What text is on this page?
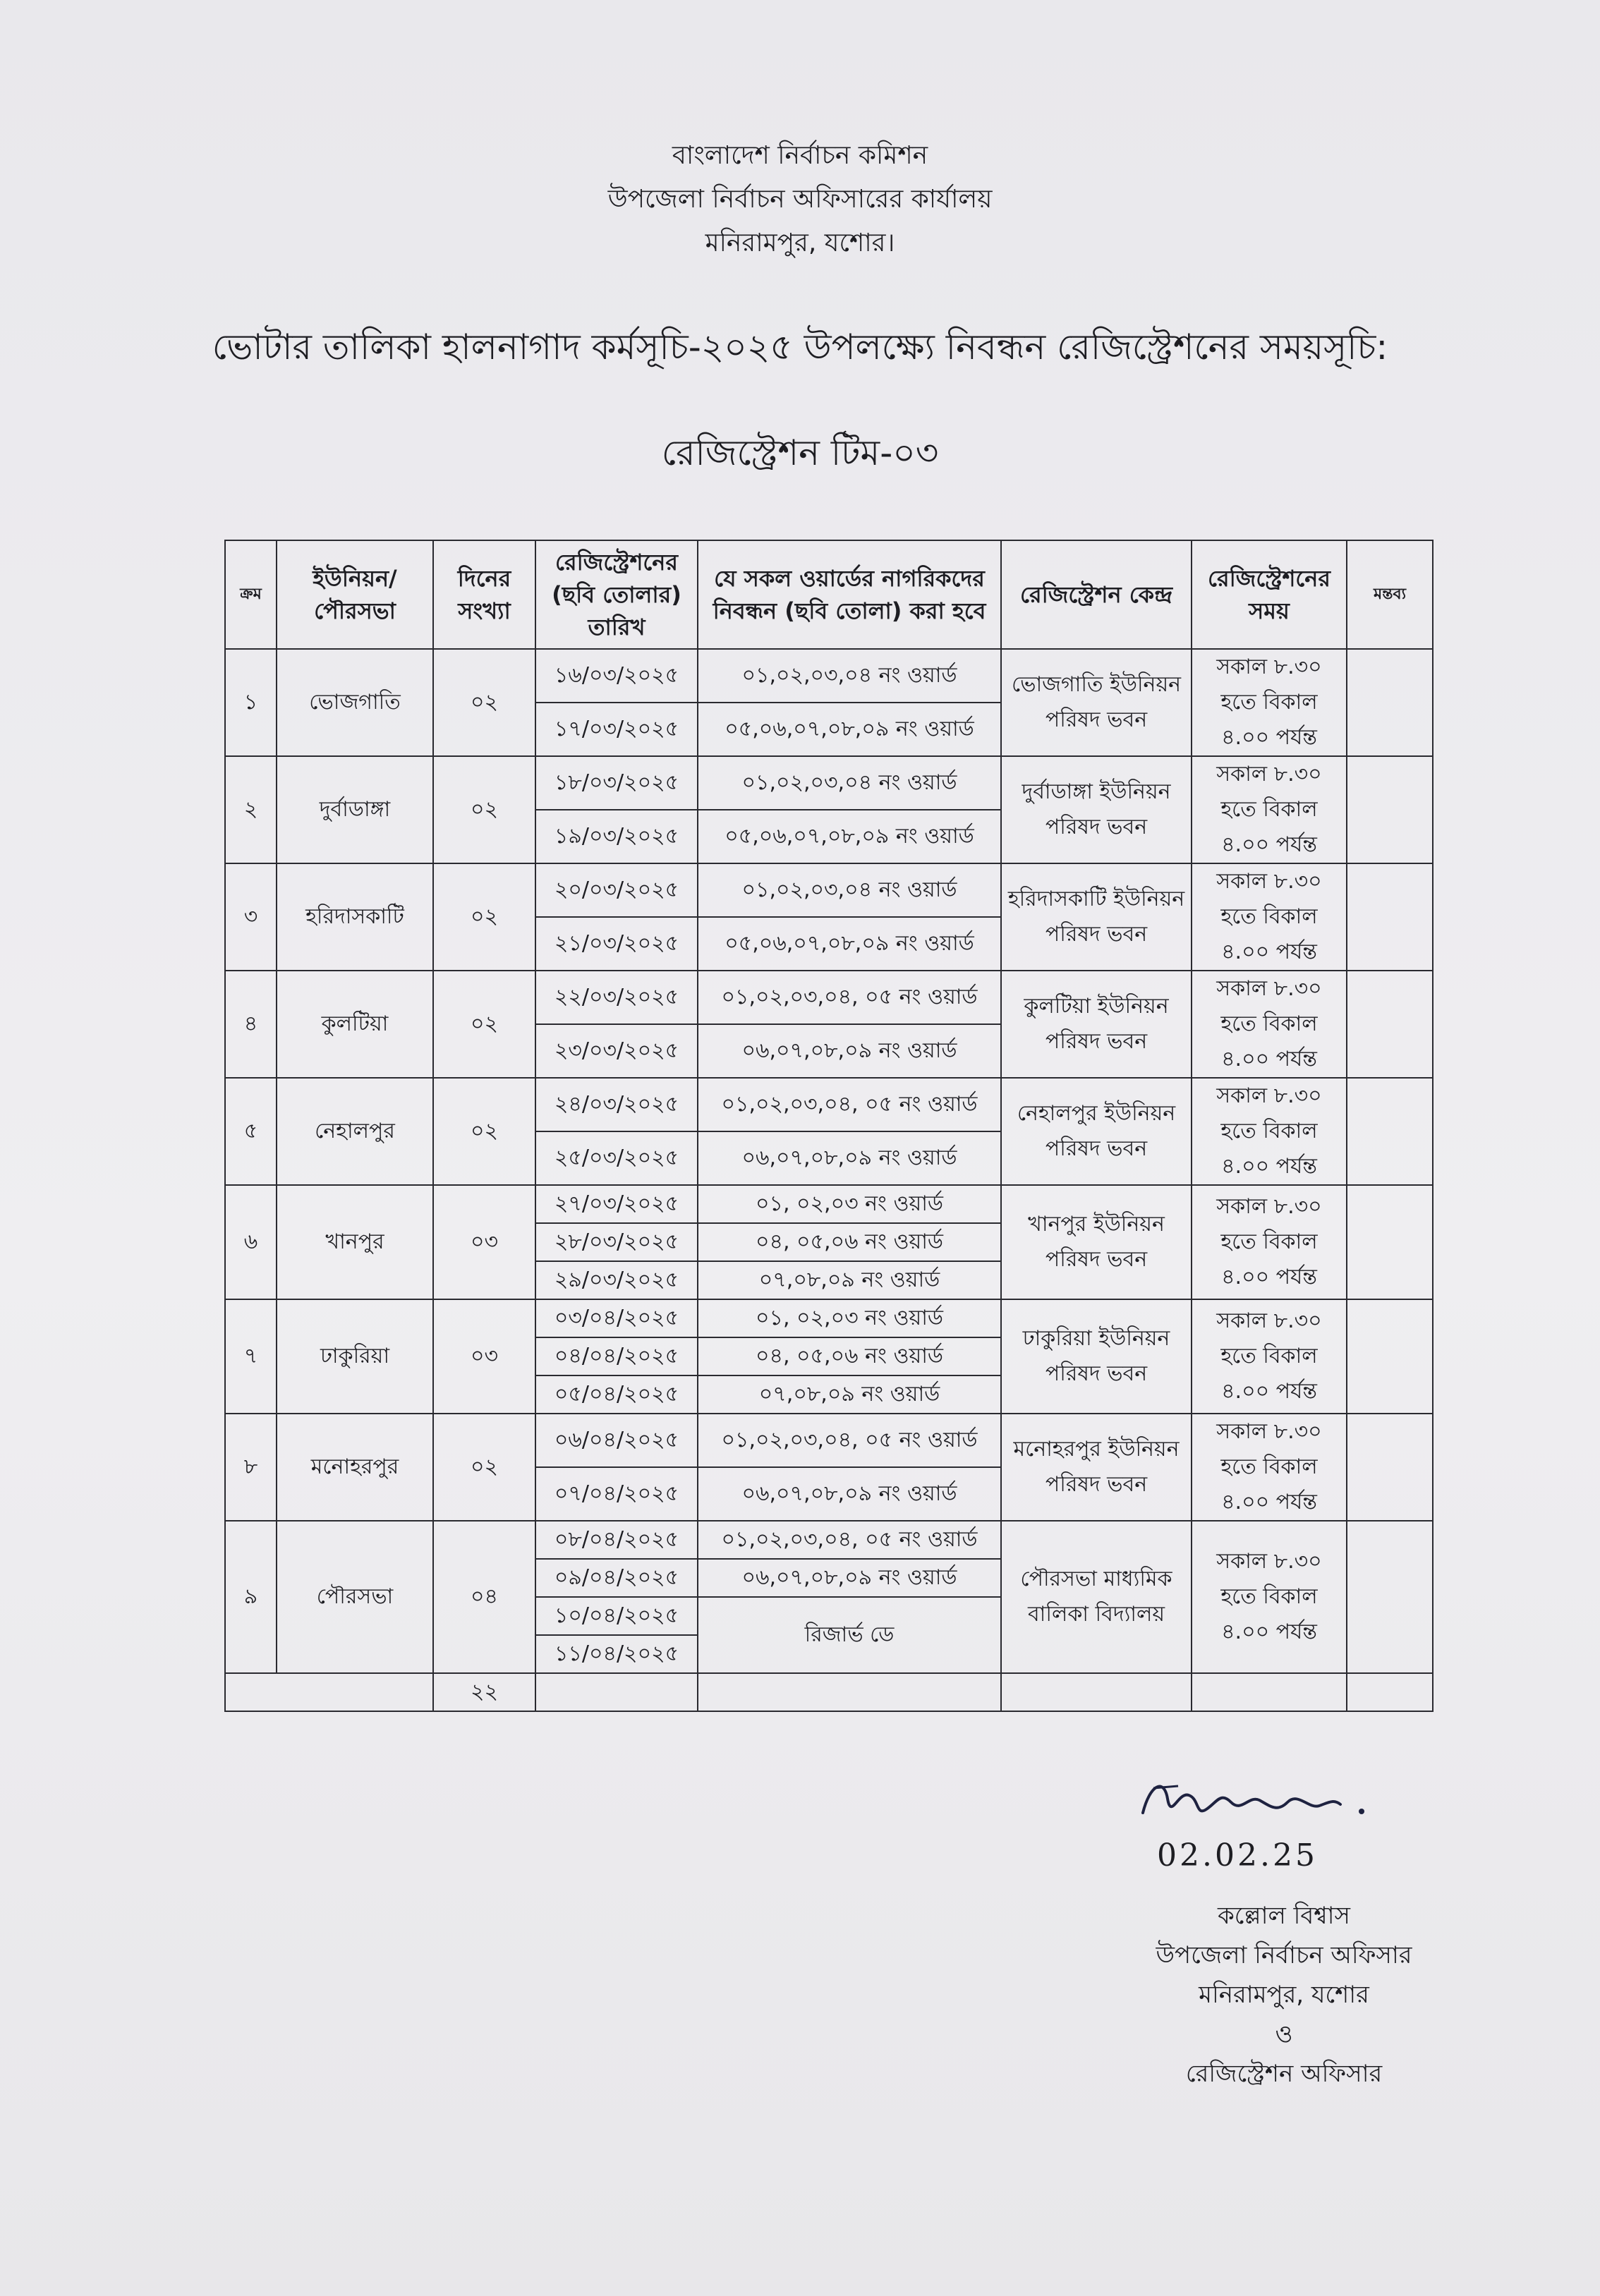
বাংলাদেশ নির্বাচন কমিশন
উপজেলা নির্বাচন অফিসারের কার্যালয়
মনিরামপুর, যশোর।
ভোটার তালিকা হালনাগাদ কর্মসূচি-২০২৫ উপলক্ষ্যে নিবন্ধন রেজিস্ট্রেশনের সময়সূচি:
রেজিস্ট্রেশন টিম-০৩
ক্রম	ইউনিয়ন/ পৌরসভা	দিনের সংখ্যা	রেজিস্ট্রেশনের (ছবি তোলার) তারিখ	যে সকল ওয়ার্ডের নাগরিকদের নিবন্ধন (ছবি তোলা) করা হবে	রেজিস্ট্রেশন কেন্দ্র	রেজিস্ট্রেশনের সময়	মন্তব্য
১	ভোজগাতি	০২	১৬/০৩/২০২৫	০১,০২,০৩,০৪ নং ওয়ার্ড	ভোজগাতি ইউনিয়ন পরিষদ ভবন	সকাল ৮.৩০ হতে বিকাল ৪.০০ পর্যন্ত	
			১৭/০৩/২০২৫	০৫,০৬,০৭,০৮,০৯ নং ওয়ার্ড			
২	দুর্বাডাঙ্গা	০২	১৮/০৩/২০২৫	০১,০২,০৩,০৪ নং ওয়ার্ড	দুর্বাডাঙ্গা ইউনিয়ন পরিষদ ভবন	সকাল ৮.৩০ হতে বিকাল ৪.০০ পর্যন্ত	
			১৯/০৩/২০২৫	০৫,০৬,০৭,০৮,০৯ নং ওয়ার্ড			
৩	হরিদাসকাটি	০২	২০/০৩/২০২৫	০১,০২,০৩,০৪ নং ওয়ার্ড	হরিদাসকাটি ইউনিয়ন পরিষদ ভবন	সকাল ৮.৩০ হতে বিকাল ৪.০০ পর্যন্ত	
			২১/০৩/২০২৫	০৫,০৬,০৭,০৮,০৯ নং ওয়ার্ড			
৪	কুলটিয়া	০২	২২/০৩/২০২৫	০১,০২,০৩,০৪, ০৫ নং ওয়ার্ড	কুলটিয়া ইউনিয়ন পরিষদ ভবন	সকাল ৮.৩০ হতে বিকাল ৪.০০ পর্যন্ত	
			২৩/০৩/২০২৫	০৬,০৭,০৮,০৯ নং ওয়ার্ড			
৫	নেহালপুর	০২	২৪/০৩/২০২৫	০১,০২,০৩,০৪, ০৫ নং ওয়ার্ড	নেহালপুর ইউনিয়ন পরিষদ ভবন	সকাল ৮.৩০ হতে বিকাল ৪.০০ পর্যন্ত	
			২৫/০৩/২০২৫	০৬,০৭,০৮,০৯ নং ওয়ার্ড			
৬	খানপুর	০৩	২৭/০৩/২০২৫	০১, ০২,০৩ নং ওয়ার্ড	খানপুর ইউনিয়ন পরিষদ ভবন	সকাল ৮.৩০ হতে বিকাল ৪.০০ পর্যন্ত	
			২৮/০৩/২০২৫	০৪, ০৫,০৬ নং ওয়ার্ড			
			২৯/০৩/২০২৫	০৭,০৮,০৯ নং ওয়ার্ড			
৭	ঢাকুরিয়া	০৩	০৩/০৪/২০২৫	০১, ০২,০৩ নং ওয়ার্ড	ঢাকুরিয়া ইউনিয়ন পরিষদ ভবন	সকাল ৮.৩০ হতে বিকাল ৪.০০ পর্যন্ত	
			০৪/০৪/২০২৫	০৪, ০৫,০৬ নং ওয়ার্ড			
			০৫/০৪/২০২৫	০৭,০৮,০৯ নং ওয়ার্ড			
৮	মনোহরপুর	০২	০৬/০৪/২০২৫	০১,০২,০৩,০৪, ০৫ নং ওয়ার্ড	মনোহরপুর ইউনিয়ন পরিষদ ভবন	সকাল ৮.৩০ হতে বিকাল ৪.০০ পর্যন্ত	
			০৭/০৪/২০২৫	০৬,০৭,০৮,০৯ নং ওয়ার্ড			
৯	পৌরসভা	০৪	০৮/০৪/২০২৫	০১,০২,০৩,০৪, ০৫ নং ওয়ার্ড	পৌরসভা মাধ্যমিক বালিকা বিদ্যালয়	সকাল ৮.৩০ হতে বিকাল ৪.০০ পর্যন্ত	
			০৯/০৪/২০২৫	০৬,০৭,০৮,০৯ নং ওয়ার্ড			
			১০/০৪/২০২৫	রিজার্ভ ডে			
			১১/০৪/২০২৫				
		২২					
02.02.25
কল্লোল বিশ্বাস
উপজেলা নির্বাচন অফিসার
মনিরামপুর, যশোর
ও
রেজিস্ট্রেশন অফিসার
